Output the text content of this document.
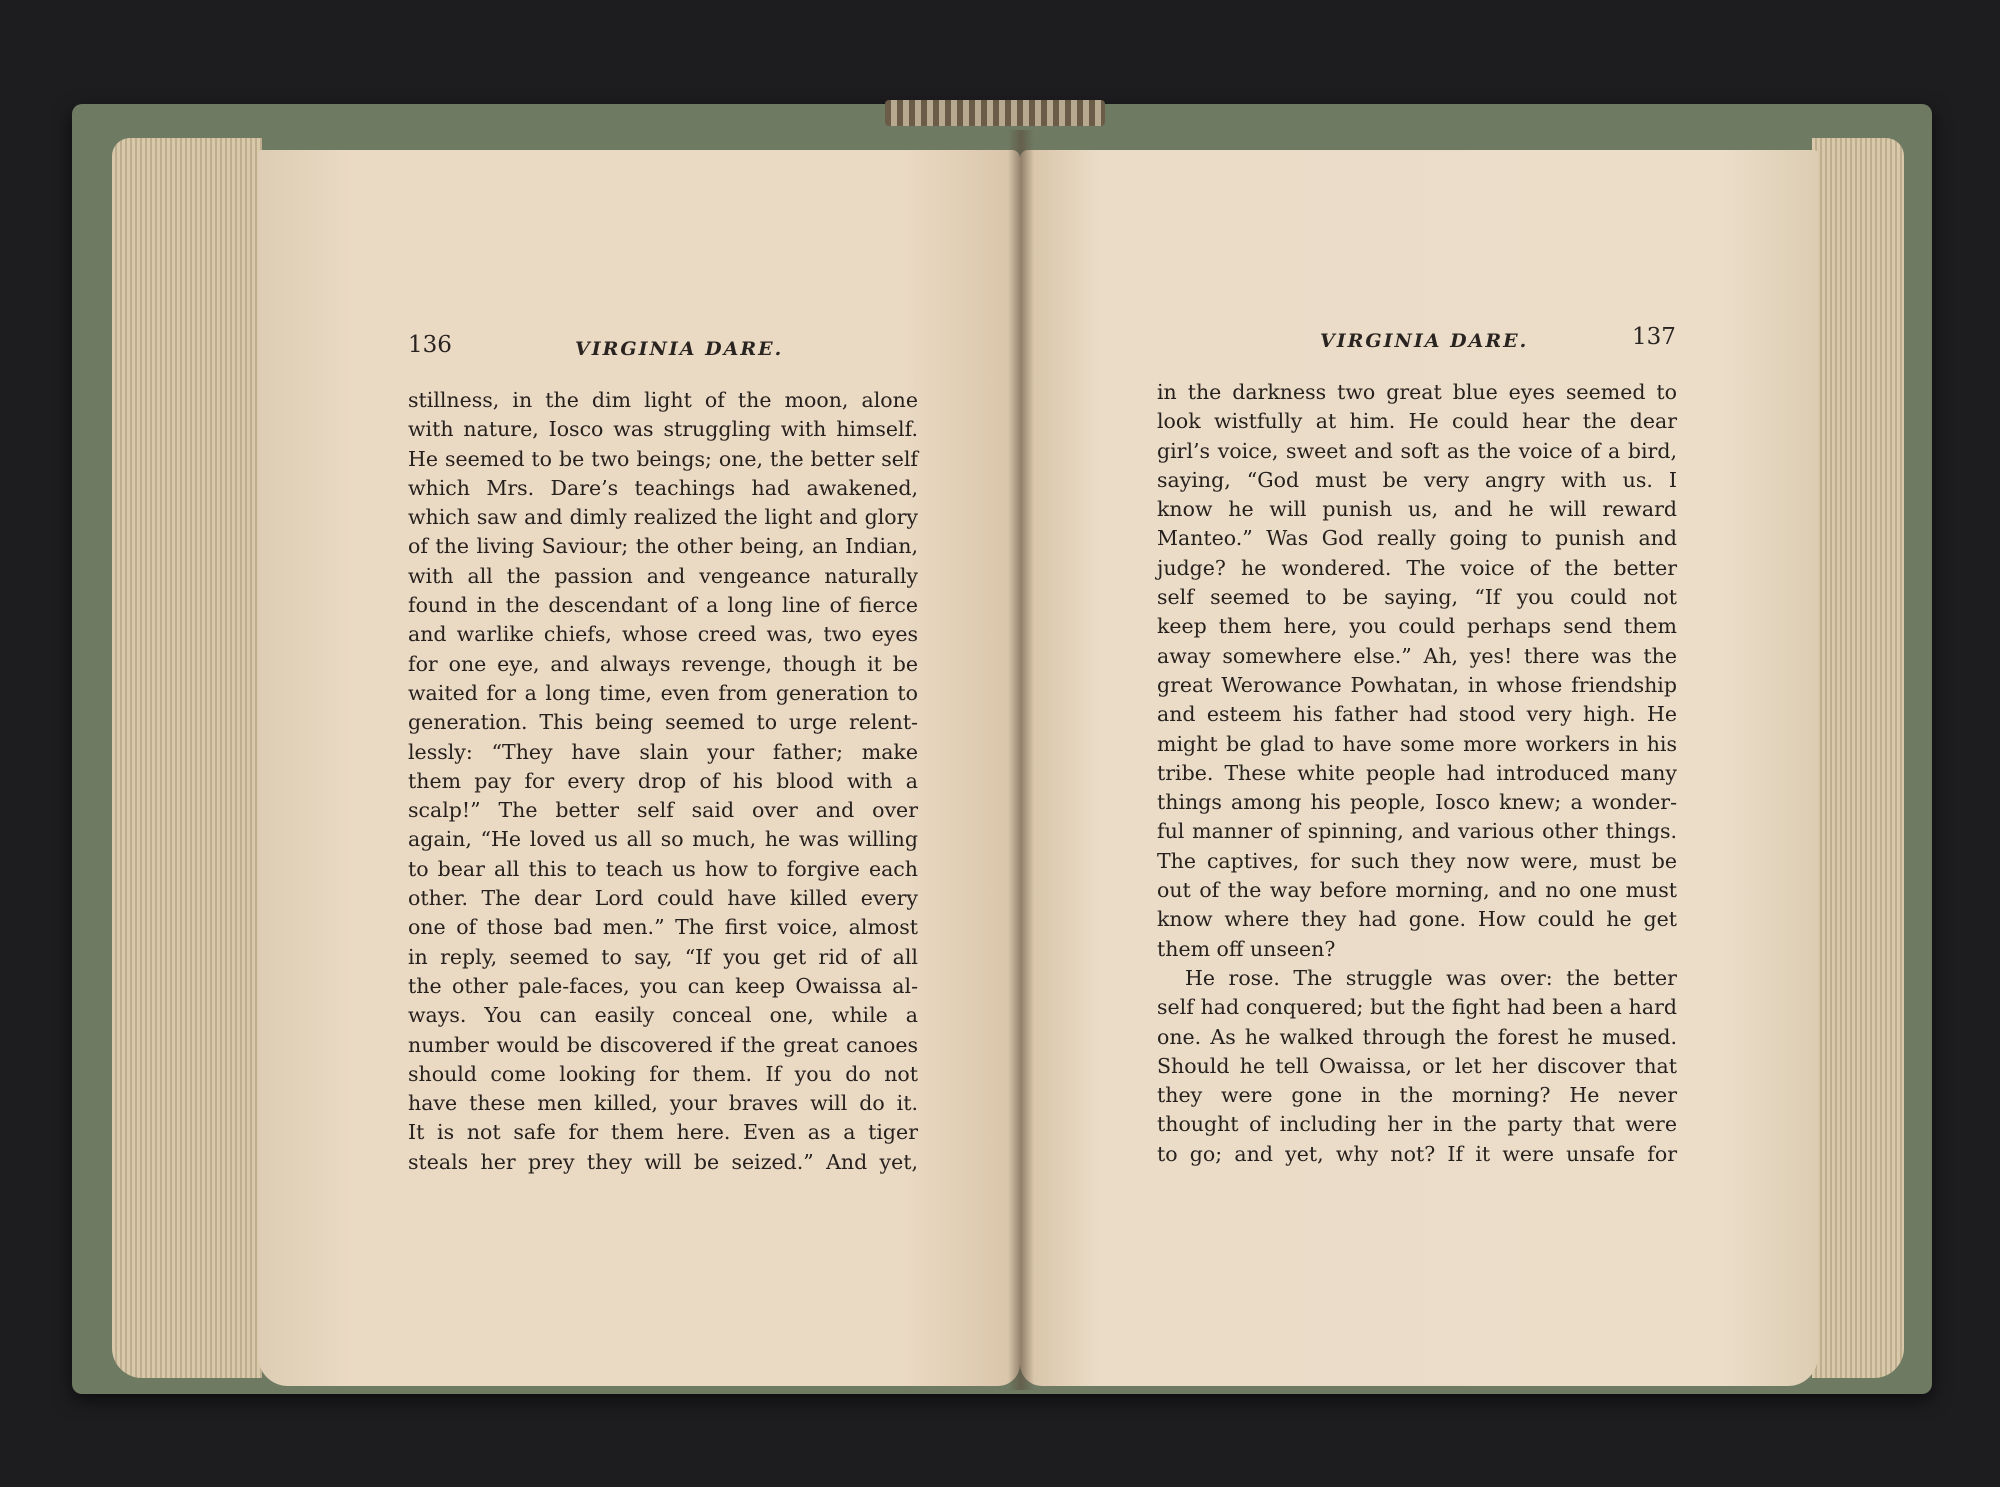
136	VIRGINIA DARE.
stillness, in the dim light of the moon, alone
with nature, Iosco was struggling with himself.
He seemed to be two beings; one, the better self
which Mrs. Dare’s teachings had awakened,
which saw and dimly realized the light and glory
of the living Saviour; the other being, an Indian,
with all the passion and vengeance naturally
found in the descendant of a long line of fierce
and warlike chiefs, whose creed was, two eyes
for one eye, and always revenge, though it be
waited for a long time, even from generation to
generation. This being seemed to urge relent-
lessly: “They have slain your father; make
them pay for every drop of his blood with a
scalp!” The better self said over and over
again, “He loved us all so much, he was willing
to bear all this to teach us how to forgive each
other. The dear Lord could have killed every
one of those bad men.” The first voice, almost
in reply, seemed to say, “If you get rid of all
the other pale-faces, you can keep Owaissa al-
ways. You can easily conceal one, while a
number would be discovered if the great canoes
should come looking for them. If you do not
have these men killed, your braves will do it.
It is not safe for them here. Even as a tiger
steals her prey they will be seized.” And yet,
VIRGINIA DARE.	137
in the darkness two great blue eyes seemed to
look wistfully at him. He could hear the dear
girl’s voice, sweet and soft as the voice of a bird,
saying, “God must be very angry with us. I
know he will punish us, and he will reward
Manteo.” Was God really going to punish and
judge? he wondered. The voice of the better
self seemed to be saying, “If you could not
keep them here, you could perhaps send them
away somewhere else.” Ah, yes! there was the
great Werowance Powhatan, in whose friendship
and esteem his father had stood very high. He
might be glad to have some more workers in his
tribe. These white people had introduced many
things among his people, Iosco knew; a wonder-
ful manner of spinning, and various other things.
The captives, for such they now were, must be
out of the way before morning, and no one must
know where they had gone. How could he get
them off unseen?
He rose. The struggle was over: the better
self had conquered; but the fight had been a hard
one. As he walked through the forest he mused.
Should he tell Owaissa, or let her discover that
they were gone in the morning? He never
thought of including her in the party that were
to go; and yet, why not? If it were unsafe for
